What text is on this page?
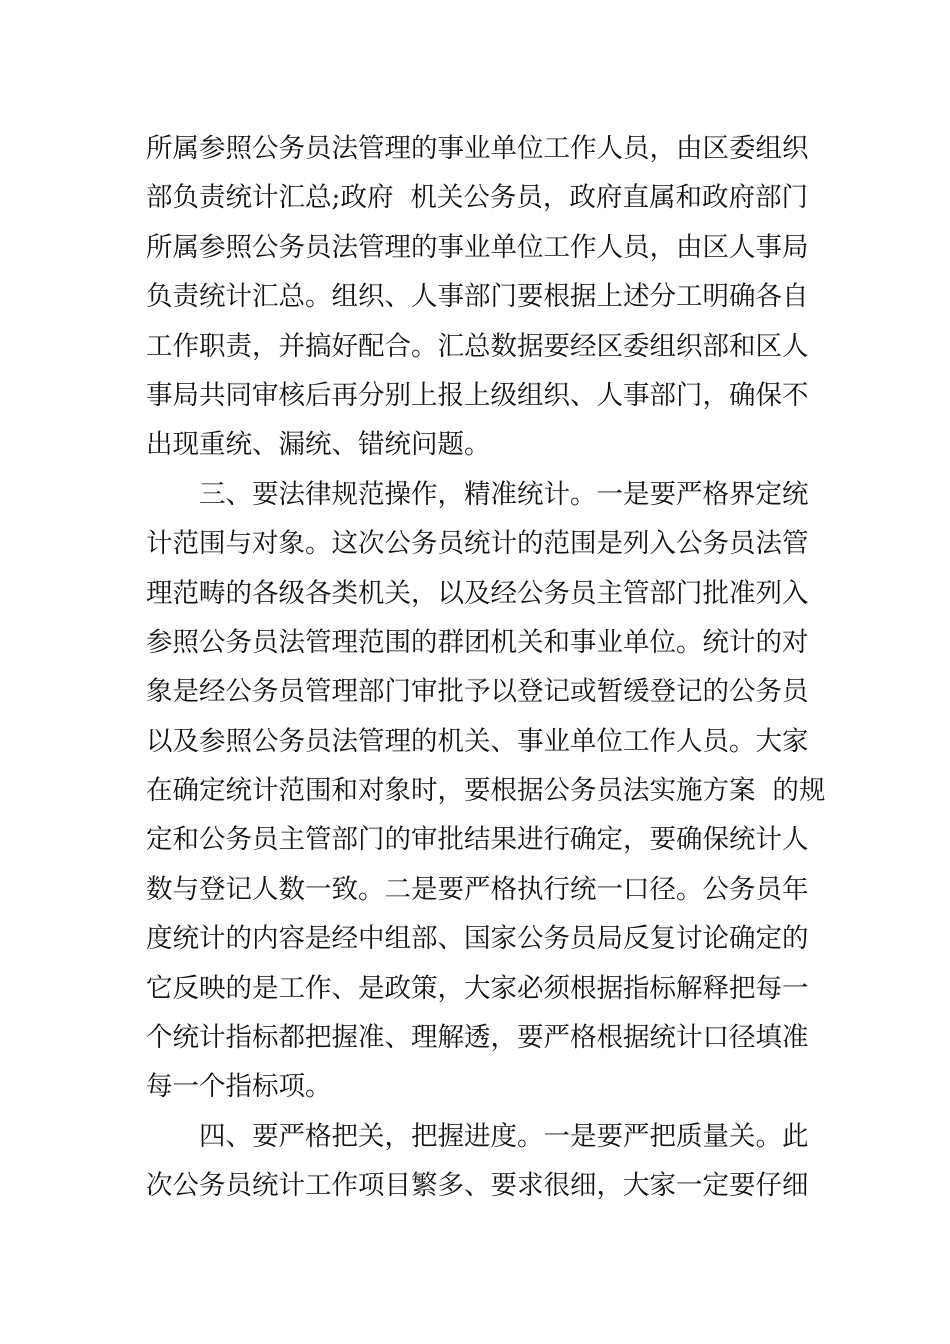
所属参照公务员法管理的事业单位工作人员，由区委组织
部负责统计汇总;政府  机关公务员，政府直属和政府部门
所属参照公务员法管理的事业单位工作人员，由区人事局
负责统计汇总。组织、人事部门要根据上述分工明确各自
工作职责，并搞好配合。汇总数据要经区委组织部和区人
事局共同审核后再分别上报上级组织、人事部门，确保不
出现重统、漏统、错统问题。
三、要法律规范操作，精准统计。一是要严格界定统
计范围与对象。这次公务员统计的范围是列入公务员法管
理范畴的各级各类机关，以及经公务员主管部门批准列入
参照公务员法管理范围的群团机关和事业单位。统计的对
象是经公务员管理部门审批予以登记或暂缓登记的公务员
以及参照公务员法管理的机关、事业单位工作人员。大家
在确定统计范围和对象时，要根据公务员法实施方案  的规
定和公务员主管部门的审批结果进行确定，要确保统计人
数与登记人数一致。二是要严格执行统一口径。公务员年
度统计的内容是经中组部、国家公务员局反复讨论确定的
它反映的是工作、是政策，大家必须根据指标解释把每一
个统计指标都把握准、理解透，要严格根据统计口径填准
每一个指标项。
四、要严格把关，把握进度。一是要严把质量关。此
次公务员统计工作项目繁多、要求很细，大家一定要仔细
